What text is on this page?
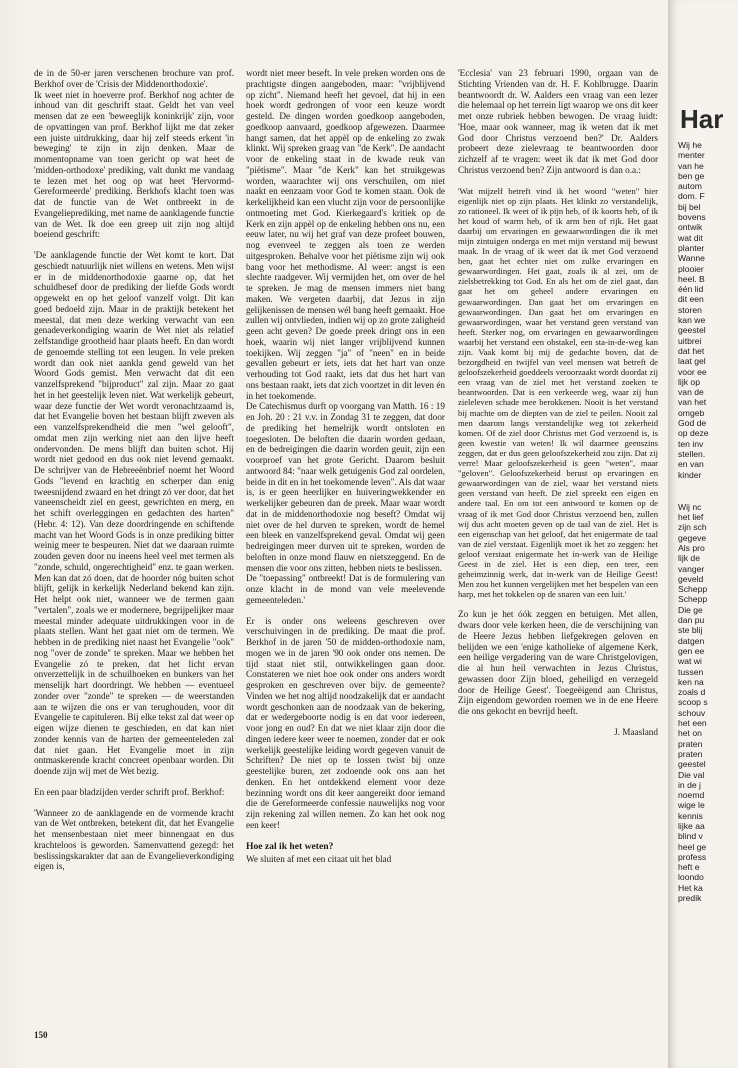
de in de 50-er jaren verschenen brochure van prof. Berkhof over de 'Crisis der Middenorthodoxie'.

Ik weet niet in hoeverre prof. Berkhof nog achter de inhoud van dit geschrift staat. Geldt het van veel mensen dat ze een 'beweeglijk koninkrijk' zijn, voor de opvattingen van prof. Berkhof lijkt me dat zeker een juiste uitdrukking, daar hij zelf steeds erkent 'in beweging' te zijn in zijn denken. Maar de momentopname van toen gericht op wat heet de 'midden-orthodoxe' prediking, valt dunkt me vandaag te lezen met het oog op wat heet 'Hervormd-Gereformeerde' prediking. Berkhofs klacht toen was dat de functie van de Wet ontbreekt in de Evangelieprediking, met name de aanklagende functie van de Wet. Ik doe een greep uit zijn nog altijd boeiend geschrift:

'De aanklagende functie der Wet komt te kort. Dat geschiedt natuurlijk niet willens en wetens. Men wijst er in de middenorthodoxie gaarne op, dat het schuldbesef door de prediking der liefde Gods wordt opgewekt en op het geloof vanzelf volgt. Dit kan goed bedoeld zijn. Maar in de praktijk betekent het meestal, dat men deze werking verwacht van een genadeverkondiging waarin de Wet niet als relatief zelfstandige grootheid haar plaats heeft. En dan wordt de genoemde stelling tot een leugen. In vele preken wordt dan ook niet aankla gend geweld van het Woord Gods gemist. Men verwacht dat dit een vanzelfsprekend "bijproduct" zal zijn. Maar zo gaat het in het geestelijk leven niet. Wat werkelijk gebeurt, waar deze functie der Wet wordt veronachtzaamd is, dat het Evangelie boven het bestaan blijft zweven als een vanzelfsprekendheid die men "wel gelooft", omdat men zijn werking niet aan den lijve heeft ondervonden. De mens blijft dan buiten schot. Hij wordt niet gedood en dus ook niet levend gemaakt. De schrijver van de Hebreeënbrief noemt het Woord Gods "levend en krachtig en scherper dan enig tweesnijdend zwaard en het dringt zó ver door, dat het vaneenscheidt ziel en geest, gewrichten en merg, en het schift overleggingen en gedachten des harten" (Hebr. 4: 12). Van deze doordringende en schiftende macht van het Woord Gods is in onze prediking bitter weinig meer te bespeuren. Niet dat we daaraan ruimte zouden geven door nu ineens heel veel met termen als "zonde, schuld, ongerechtigheid" enz. te gaan werken. Men kan dat zó doen, dat de hoorder nóg buiten schot blijft, gelijk in kerkelijk Nederland bekend kan zijn. Het helpt ook niet, wanneer we de termen gaan "vertalen", zoals we er modernere, begrijpelijker maar meestal minder adequate uitdrukkingen voor in de plaats stellen. Want het gaat niet om de termen. We hebben in de prediking niet naast het Evangelie "ook" nog "over de zonde" te spreken. Maar we hebben het Evangelie zó te preken, dat het licht ervan onverzettelijk in de schuilhoeken en bunkers van het menselijk hart doordringt. We hebben — eventueel zonder over "zonde" te spreken — de weerstanden aan te wijzen die ons er van terughouden, voor dit Evangelie te capituleren. Bij elke tekst zal dat weer op eigen wijze dienen te geschieden, en dat kan niet zonder kennis van de harten der gemeenteleden zal dat niet gaan. Het Evangelie moet in zijn ontmaskerende kracht concreet openbaar worden. Dit doende zijn wij met de Wet bezig.

En een paar bladzijden verder schrift prof. Berkhof:

'Wanneer zo de aanklagende en de vormende kracht van de Wet ontbreken, betekent dit, dat het Evangelie het mensenbestaan niet meer binnengaat en dus krachteloos is geworden. Samenvattend gezegd: het beslissingskarakter dat aan de Evangelieverkondiging eigen is,

wordt niet meer beseft. In vele preken worden ons de prachtigste dingen aangeboden, maar: "vrijblijvend op zicht". Niemand heeft het gevoel, dat hij in een hoek wordt gedrongen of voor een keuze wordt gesteld. De dingen worden goedkoop aangeboden, goedkoop aanvaard, goedkoop afgewezen. Daarmee hangt samen, dat het appèl op de enkeling zo zwak klinkt. Wij spreken graag van "de Kerk". De aandacht voor de enkeling staat in de kwade reuk van "piëtisme". Maar "de Kerk" kan het struikgewas worden, waarachter wij ons verschuilen, om niet naakt en eenzaam voor God te komen staan. Ook de kerkelijkheid kan een vlucht zijn voor de persoonlijke ontmoeting met God. Kierkegaard's kritiek op de Kerk en zijn appèl op de enkeling hebben ons nu, een eeuw later, nu wij het graf van deze profeet bouwen, nog evenveel te zeggen als toen ze werden uitgesproken. Behalve voor het piëtisme zijn wij ook bang voor het methodisme. Al weer: angst is een slechte raadgever. Wij vermijden het, om over de hel te spreken. Je mag de mensen immers niet bang maken. We vergeten daarbij, dat Jezus in zijn gelijkenissen de mensen wél bang heeft gemaakt. Hoe zullen wij ontvlieden, indien wij op zo grote zaligheid geen acht geven? De goede preek dringt ons in een hoek, waarin wij niet langer vrijblijvend kunnen toekijken. Wij zeggen "ja" of "neen" en in beide gevallen gebeurt er iets, iets dat het hart van onze verhouding tot God raakt, iets dat dus het hart van ons bestaan raakt, iets dat zich voortzet in dit leven én in het toekomende.

De Catechismus durft op voorgang van Matth. 16 : 19 en Joh. 20 : 21 v.v. in Zondag 31 te zeggen, dat door de prediking het hemelrijk wordt ontsloten en toegesloten. De beloften die daarin worden gedaan, en de bedreigingen die daarin worden geuit, zijn een voorproef van het grote Gericht. Daarom besluit antwoord 84: "naar welk getuigenis God zal oordelen, beide in dit en in het toekomende leven". Als dat waar is, is er geen heerlijker en huiveringwekkender en werkelijker gebeuren dan de preek. Maar waar wordt dat in de middenorthodoxie nog beseft? Omdat wij niet over de hel durven te spreken, wordt de hemel een bleek en vanzelfsprekend geval. Omdat wij geen bedreigingen meer durven uit te spreken, worden de beloften in onze mond flauw en nietszeggend. En de mensen die voor ons zitten, hebben niets te beslissen.

De "toepassing" ontbreekt! Dat is de formulering van onze klacht in de mond van vele meelevende gemeenteleden.'

Er is onder ons weleens geschreven over verschuivingen in de prediking. De maat die prof. Berkhof in de jaren '50 de midden-orthodoxie nam, mogen we in de jaren '90 ook onder ons nemen. De tijd staat niet stil, ontwikkelingen gaan door. Constateren we niet hoe ook onder ons anders wordt gesproken en geschreven over bijv. de gemeente? Vinden we het nog altijd noodzakelijk dat er aandacht wordt geschonken aan de noodzaak van de bekering, dat er wedergeboorte nodig is en dat voor iedereen, voor jong en oud? En dat we niet klaar zijn door die dingen iedere keer weer te noemen, zonder dat er ook werkelijk geestelijke leiding wordt gegeven vanuit de Schriften? De niet op te lossen twist bij onze geestelijke buren, zet zodoende ook ons aan het denken. En het ontdekkend element voor deze bezinning wordt ons dit keer aangereikt door iemand die de Gereformeerde confessie nauwelijks nog voor zijn rekening zal willen nemen. Zo kan het ook nog een keer!

Hoe zal ik het weten?

We sluiten af met een citaat uit het blad

'Ecclesia' van 23 februari 1990, orgaan van de Stichting Vrienden van dr. H. F. Kohlbrugge. Daarin beantwoordt dr. W. Aalders een vraag van een lezer die helemaal op het terrein ligt waarop we ons dit keer met onze rubriek hebben bewogen. De vraag luidt: 'Hoe, maar ook wanneer, mag ik weten dat ik met God door Christus verzoend ben?' Dr. Aalders probeert deze zielevraag te beantwoorden door zichzelf af te vragen: weet ik dat ik met God door Christus verzoend ben? Zijn antwoord is dan o.a.:

'Wat mijzelf betreft vind ik het woord "weten" hier eigenlijk niet op zijn plaats. Het klinkt zo verstandelijk, zo rationeel. Ik weet of ik pijn heb, of ik koorts heb, of ik het koud of warm heb, of ik arm ben of rijk. Het gaat daarbij om ervaringen en gewaarwordingen die ik met mijn zintuigen onderga en met mijn verstand mij bewust maak. In de vraag of ik weet dat ik met God verzoend ben, gaat het echter niet om zulke ervaringen en gewaarwordingen. Het gaat, zoals ik al zei, om de zielsbetrekking tot God. En als het om de ziel gaat, dan gaat het om geheel andere ervaringen en gewaarwordingen. Dan gaat het om ervaringen en gewaarwordingen. Dan gaat het om ervaringen en gewaarwordingen, waar het verstand geen verstand van heeft. Sterker nog, om ervaringen en gewaarwordingen waarbij het verstand een obstakel, een sta-in-de-weg kan zijn. Vaak komt bij mij de gedachte boven, dat de bezorgdheid en twijfel van veel mensen wat betreft de geloofszekerheid goeddeels veroorzaakt wordt doordat zij een vraag van de ziel met het verstand zoeken te beantwoorden. Dat is een verkeerde weg, waar zij hun zieleleven schade mee berokkenen. Nooit is het verstand bij machte om de diepten van de ziel te peilen. Nooit zal men daarom langs verstandelijke weg tot zekerheid komen. Of de ziel door Christus met God verzoend is, is geen kwestie van weten! Ik wil daarmee geenszins zeggen, dat er dus geen geloofszekerheid zou zijn. Dat zij verre! Maar geloofszekerheid is geen "weten", maar "geloven". Geloofszekerheid berust op ervaringen en gewaarwordingen van de ziel, waar het verstand niets geen verstand van heeft. De ziel spreekt een eigen en andere taal. En om tot een antwoord te komen op de vraag of ik met God door Christus verzoend ben, zullen wij dus acht moeten geven op de taal van de ziel. Het is een eigenschap van het geloof, dat het enigermate de taal van de ziel verstaat. Eigenlijk moet ik het zo zeggen: het geloof verstaat enigermate het in-werk van de Heilige Geest in de ziel. Het is een diep, een teer, een geheimzinnig werk, dat in-werk van de Heilige Geest! Men zou het kunnen vergelijken met het bespelen van een harp, met het tokkelen op de snaren van een luit.'

Zo kun je het óók zeggen en betuigen. Met allen, dwars door vele kerken heen, die de verschijning van de Heere Jezus hebben liefgekregen geloven en belijden we een 'enige katholieke of algemene Kerk, een heilige vergadering van de ware Christgelovigen, die al hun heil verwachten in Jezus Christus, gewassen door Zijn bloed, geheiligd en verzegeld door de Heilige Geest'. Toegeëigend aan Christus, Zijn eigendom geworden roemen we in de ene Heere die ons gekocht en bevrijd heeft.

J. Maasland

150
Har
Wij he
menter
van he
ben ge
autom
dom. F
bij bel
bovens
ontwik
wat dit
planter
Wanne
plooier
heel. B
één lid
dit een
storen
kan we
geestel
uitbrei
dat het
laat gel
voor ee
lijk op
van de
van het
omgeb
God de
op deze
ten inv
stellen.
en van
kinder
Wij nc
het lief
zijn sch
gegeve
Als pro
lijk de
vanger
geveld
Schepp
Schepp
Die ge
dan pu
ste blij
datgen
gen ee
wat wi
tussen
ken na
zoals d
scoop s
schouv
het een
het on
praten
praten
geestel
Die val
in de j
noemd
wige le
kennis
lijke aa
blind v
heel ge
profess
heft e
loondo
Het ka
predik
